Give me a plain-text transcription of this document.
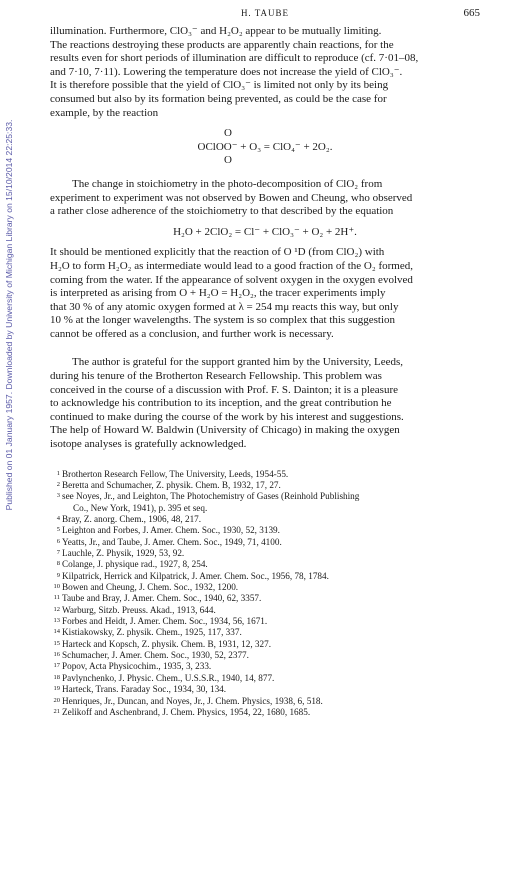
Published on 01 January 1957. Downloaded by University of Michigan Library on 15/10/2014 22:25:33.
H. TAUBE	665
illumination. Furthermore, ClO₃⁻ and H₂O₂ appear to be mutually limiting.
The reactions destroying these products are apparently chain reactions, for the
results even for short periods of illumination are difficult to reproduce (cf. 7·01–08,
and 7·10, 7·11). Lowering the temperature does not increase the yield of ClO₃⁻.
It is therefore possible that the yield of ClO₃⁻ is limited not only by its being
consumed but also by its formation being prevented, as could be the case for
example, by the reaction

O

OClOO⁻ + O₃ = ClO₄⁻ + 2O₂.

O

The change in stoichiometry in the photo-decomposition of ClO₂ from
experiment to experiment was not observed by Bowen and Cheung, who observed
a rather close adherence of the stoichiometry to that described by the equation

H₂O + 2ClO₂ = Cl⁻ + ClO₃⁻ + O₂ + 2H⁺.

It should be mentioned explicitly that the reaction of O ¹D (from ClO₂) with
H₂O to form H₂O₂ as intermediate would lead to a good fraction of the O₂ formed,
coming from the water. If the appearance of solvent oxygen in the oxygen evolved
is interpreted as arising from O + H₂O = H₂O₂, the tracer experiments imply
that 30 % of any atomic oxygen formed at λ = 254 mμ reacts this way, but only
10 % at the longer wavelengths. The system is so complex that this suggestion
cannot be offered as a conclusion, and further work is necessary.
The author is grateful for the support granted him by the University, Leeds,
during his tenure of the Brotherton Research Fellowship. This problem was
conceived in the course of a discussion with Prof. F. S. Dainton; it is a pleasure
to acknowledge his contribution to its inception, and the great contribution he
continued to make during the course of the work by his interest and suggestions.
The help of Howard W. Baldwin (University of Chicago) in making the oxygen
isotope analyses is gratefully acknowledged.
1 Brotherton Research Fellow, The University, Leeds, 1954-55.
2 Beretta and Schumacher, Z. physik. Chem. B, 1932, 17, 27.
3 see Noyes, Jr., and Leighton, The Photochemistry of Gases (Reinhold Publishing
Co., New York, 1941), p. 395 et seq.
4 Bray, Z. anorg. Chem., 1906, 48, 217.
5 Leighton and Forbes, J. Amer. Chem. Soc., 1930, 52, 3139.
6 Yeatts, Jr., and Taube, J. Amer. Chem. Soc., 1949, 71, 4100.
7 Lauchle, Z. Physik, 1929, 53, 92.
8 Colange, J. physique rad., 1927, 8, 254.
9 Kilpatrick, Herrick and Kilpatrick, J. Amer. Chem. Soc., 1956, 78, 1784.
10 Bowen and Cheung, J. Chem. Soc., 1932, 1200.
11 Taube and Bray, J. Amer. Chem. Soc., 1940, 62, 3357.
12 Warburg, Sitzb. Preuss. Akad., 1913, 644.
13 Forbes and Heidt, J. Amer. Chem. Soc., 1934, 56, 1671.
14 Kistiakowsky, Z. physik. Chem., 1925, 117, 337.
15 Harteck and Kopsch, Z. physik. Chem. B, 1931, 12, 327.
16 Schumacher, J. Amer. Chem. Soc., 1930, 52, 2377.
17 Popov, Acta Physicochim., 1935, 3, 233.
18 Pavlynchenko, J. Physic. Chem., U.S.S.R., 1940, 14, 877.
19 Harteck, Trans. Faraday Soc., 1934, 30, 134.
20 Henriques, Jr., Duncan, and Noyes, Jr., J. Chem. Physics, 1938, 6, 518.
21 Zelikoff and Aschenbrand, J. Chem. Physics, 1954, 22, 1680, 1685.
